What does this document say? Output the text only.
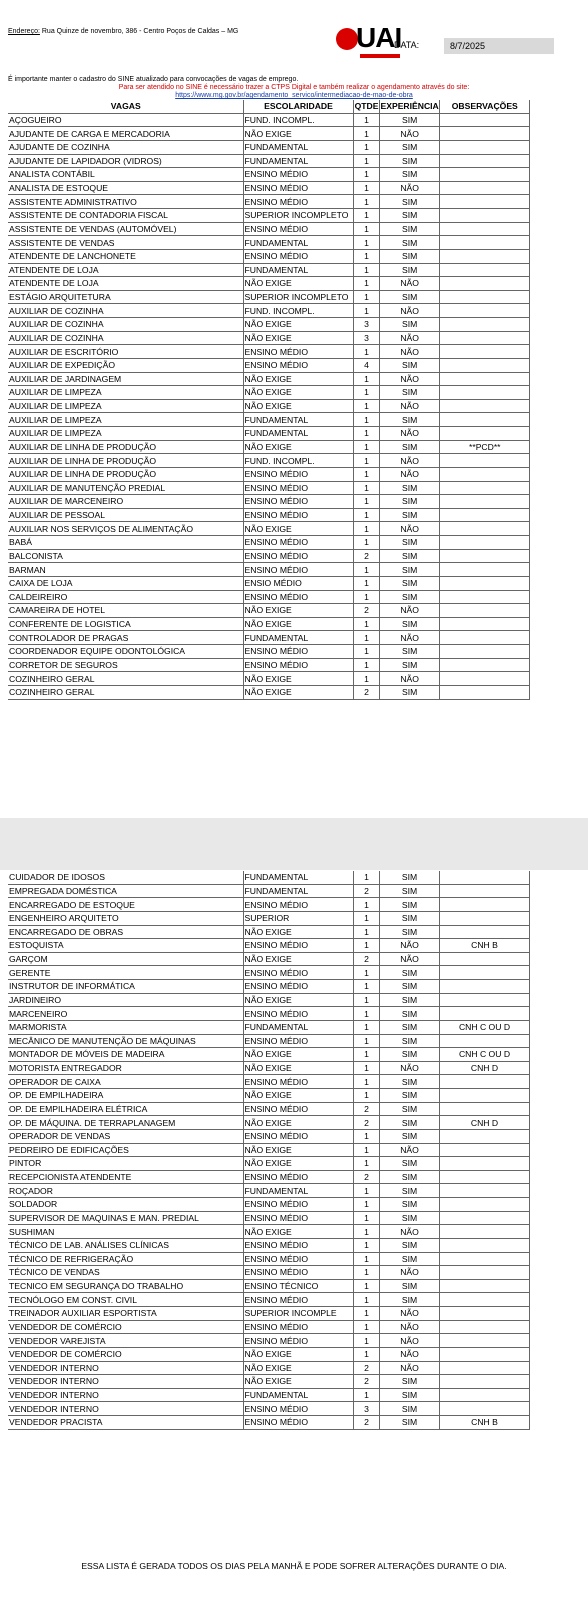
Endereço: Rua Quinze de novembro, 386 - Centro Poços de Caldas – MG	UAI
DATA:	8/7/2025
É importante manter o cadastro do SINE atualizado para convocações de vagas de emprego.
Para ser atendido no SINE é necessário trazer a CTPS Digital e também realizar o agendamento através do site:
https://www.mg.gov.br/agendamento_servico/intermediacao-de-mao-de-obra
VAGAS	ESCOLARIDADE	QTDE	EXPERIÊNCIA	OBSERVAÇÕES
AÇOGUEIRO	FUND. INCOMPL.	1	SIM	
AJUDANTE DE CARGA E MERCADORIA	NÃO EXIGE	1	NÃO	
AJUDANTE DE COZINHA	FUNDAMENTAL	1	SIM	
AJUDANTE DE LAPIDADOR (VIDROS)	FUNDAMENTAL	1	SIM	
ANALISTA CONTÁBIL	ENSINO MÉDIO	1	SIM	
ANALISTA DE ESTOQUE	ENSINO MÉDIO	1	NÃO	
ASSISTENTE ADMINISTRATIVO	ENSINO MÉDIO	1	SIM	
ASSISTENTE DE CONTADORIA FISCAL	SUPERIOR INCOMPLETO	1	SIM	
ASSISTENTE DE VENDAS (AUTOMÓVEL)	ENSINO MÉDIO	1	SIM	
ASSISTENTE DE VENDAS	FUNDAMENTAL	1	SIM	
ATENDENTE DE LANCHONETE	ENSINO MÉDIO	1	SIM	
ATENDENTE DE LOJA	FUNDAMENTAL	1	SIM	
ATENDENTE DE LOJA	NÃO EXIGE	1	NÃO	
ESTÁGIO ARQUITETURA	SUPERIOR INCOMPLETO	1	SIM	
AUXILIAR DE COZINHA	FUND. INCOMPL.	1	NÃO	
AUXILIAR DE COZINHA	NÃO EXIGE	3	SIM	
AUXILIAR DE COZINHA	NÃO EXIGE	3	NÃO	
AUXILIAR DE ESCRITÓRIO	ENSINO MÉDIO	1	NÃO	
AUXILIAR DE EXPEDIÇÃO	ENSINO MÉDIO	4	SIM	
AUXILIAR DE JARDINAGEM	NÃO EXIGE	1	NÃO	
AUXILIAR DE LIMPEZA	NÃO EXIGE	1	SIM	
AUXILIAR DE LIMPEZA	NÃO EXIGE	1	NÃO	
AUXILIAR DE LIMPEZA	FUNDAMENTAL	1	SIM	
AUXILIAR DE LIMPEZA	FUNDAMENTAL	1	NÃO	
AUXILIAR DE LINHA DE PRODUÇÃO	NÃO EXIGE	1	SIM	**PCD**
AUXILIAR DE LINHA DE PRODUÇÃO	FUND. INCOMPL.	1	NÃO	
AUXILIAR DE LINHA DE PRODUÇÃO	ENSINO MÉDIO	1	NÃO	
AUXILIAR DE MANUTENÇÃO PREDIAL	ENSINO MÉDIO	1	SIM	
AUXILIAR DE MARCENEIRO	ENSINO MÉDIO	1	SIM	
AUXILIAR DE PESSOAL	ENSINO MÉDIO	1	SIM	
AUXILIAR NOS SERVIÇOS DE ALIMENTAÇÃO	NÃO EXIGE	1	NÃO	
BABÁ	ENSINO MÉDIO	1	SIM	
BALCONISTA	ENSINO MÉDIO	2	SIM	
BARMAN	ENSINO MÉDIO	1	SIM	
CAIXA DE LOJA	ENSIO MÉDIO	1	SIM	
CALDEIREIRO	ENSINO MÉDIO	1	SIM	
CAMAREIRA DE HOTEL	NÃO EXIGE	2	NÃO	
CONFERENTE DE LOGISTICA	NÃO EXIGE	1	SIM	
CONTROLADOR DE PRAGAS	FUNDAMENTAL	1	NÃO	
COORDENADOR EQUIPE ODONTOLÓGICA	ENSINO MÉDIO	1	SIM	
CORRETOR DE SEGUROS	ENSINO MÉDIO	1	SIM	
COZINHEIRO GERAL	NÃO EXIGE	1	NÃO	
COZINHEIRO GERAL	NÃO EXIGE	2	SIM	
CUIDADOR DE IDOSOS	FUNDAMENTAL	1	SIM	
EMPREGADA DOMÉSTICA	FUNDAMENTAL	2	SIM	
ENCARREGADO DE ESTOQUE	ENSINO MÉDIO	1	SIM	
ENGENHEIRO ARQUITETO	SUPERIOR	1	SIM	
ENCARREGADO DE OBRAS	NÃO EXIGE	1	SIM	
ESTOQUISTA	ENSINO MÉDIO	1	NÃO	CNH B
GARÇOM	NÃO EXIGE	2	NÃO	
GERENTE	ENSINO MÉDIO	1	SIM	
INSTRUTOR DE INFORMÁTICA	ENSINO MÉDIO	1	SIM	
JARDINEIRO	NÃO EXIGE	1	SIM	
MARCENEIRO	ENSINO MÉDIO	1	SIM	
MARMORISTA	FUNDAMENTAL	1	SIM	CNH C OU D
MECÂNICO DE MANUTENÇÃO DE MÁQUINAS	ENSINO MÉDIO	1	SIM	
MONTADOR DE MÓVEIS DE MADEIRA	NÃO EXIGE	1	SIM	CNH C OU D
MOTORISTA ENTREGADOR	NÃO EXIGE	1	NÃO	CNH D
OPERADOR DE CAIXA	ENSINO MÉDIO	1	SIM	
OP. DE EMPILHADEIRA	NÃO EXIGE	1	SIM	
OP. DE EMPILHADEIRA ELÉTRICA	ENSINO MÉDIO	2	SIM	
OP. DE MÁQUINA. DE TERRAPLANAGEM	NÃO EXIGE	2	SIM	CNH D
OPERADOR DE VENDAS	ENSINO MÉDIO	1	SIM	
PEDREIRO DE EDIFICAÇÕES	NÃO EXIGE	1	NÃO	
PINTOR	NÃO EXIGE	1	SIM	
RECEPCIONISTA ATENDENTE	ENSINO MÉDIO	2	SIM	
ROÇADOR	FUNDAMENTAL	1	SIM	
SOLDADOR	ENSINO MÉDIO	1	SIM	
SUPERVISOR DE MAQUINAS E MAN. PREDIAL	ENSINO MÉDIO	1	SIM	
SUSHIMAN	NÃO EXIGE	1	NÃO	
TÉCNICO DE LAB. ANÁLISES CLÍNICAS	ENSINO MÉDIO	1	SIM	
TÉCNICO DE REFRIGERAÇÃO	ENSINO MÉDIO	1	SIM	
TÉCNICO DE VENDAS	ENSINO MÉDIO	1	NÃO	
TECNICO EM SEGURANÇA DO TRABALHO	ENSINO TÉCNICO	1	SIM	
TECNÓLOGO EM CONST. CIVIL	ENSINO MÉDIO	1	SIM	
TREINADOR AUXILIAR ESPORTISTA	SUPERIOR INCOMPLE	1	NÃO	
VENDEDOR DE COMÉRCIO	ENSINO MÉDIO	1	NÃO	
VENDEDOR VAREJISTA	ENSINO MÉDIO	1	NÃO	
VENDEDOR DE COMÉRCIO	NÃO EXIGE	1	NÃO	
VENDEDOR INTERNO	NÃO EXIGE	2	NÃO	
VENDEDOR INTERNO	NÃO EXIGE	2	SIM	
VENDEDOR INTERNO	FUNDAMENTAL	1	SIM	
VENDEDOR INTERNO	ENSINO MÉDIO	3	SIM	
VENDEDOR PRACISTA	ENSINO MÉDIO	2	SIM	CNH B
ESSA LISTA É GERADA TODOS OS DIAS PELA MANHÃ E PODE SOFRER ALTERAÇÕES DURANTE O DIA.
